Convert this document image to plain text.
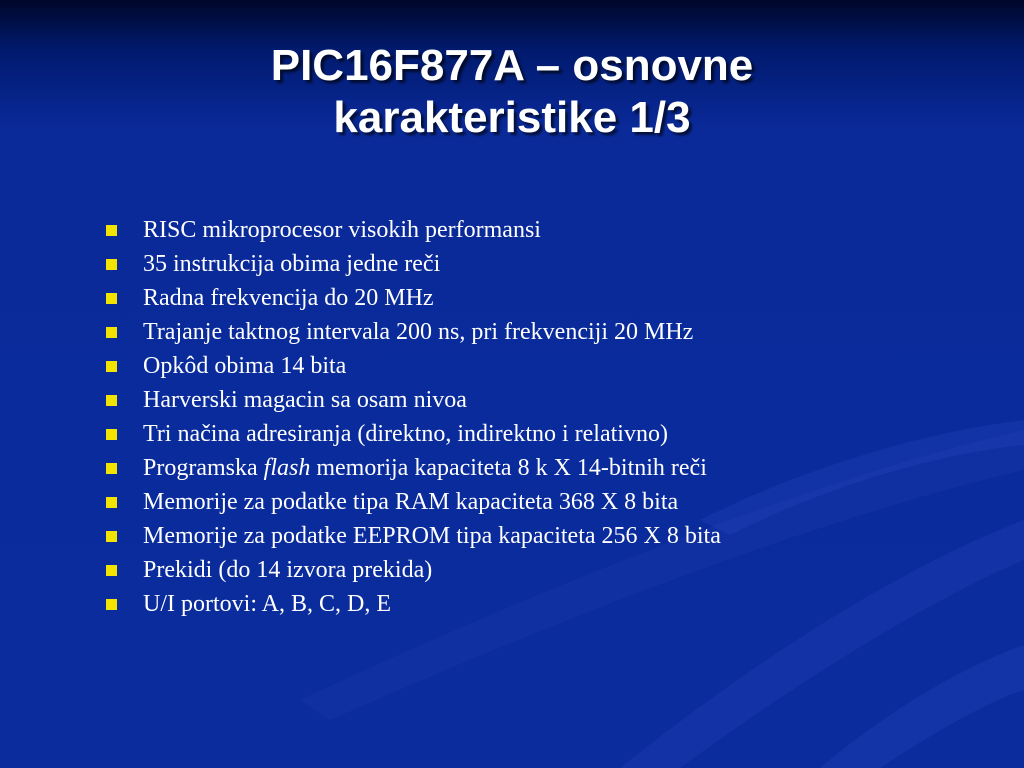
PIC16F877A – osnovne
karakteristike 1/3
RISC mikroprocesor visokih performansi
35 instrukcija obima jedne reči
Radna frekvencija do 20 MHz
Trajanje taktnog intervala 200 ns, pri frekvenciji 20 MHz
Opkôd obima 14 bita
Harverski magacin sa osam nivoa
Tri načina adresiranja (direktno, indirektno i relativno)
Programska flash memorija kapaciteta 8 k X 14-bitnih reči
Memorije za podatke tipa RAM kapaciteta 368 X 8 bita
Memorije za podatke EEPROM tipa kapaciteta 256 X 8 bita
Prekidi (do 14 izvora prekida)
U/I portovi: A, B, C, D, E
